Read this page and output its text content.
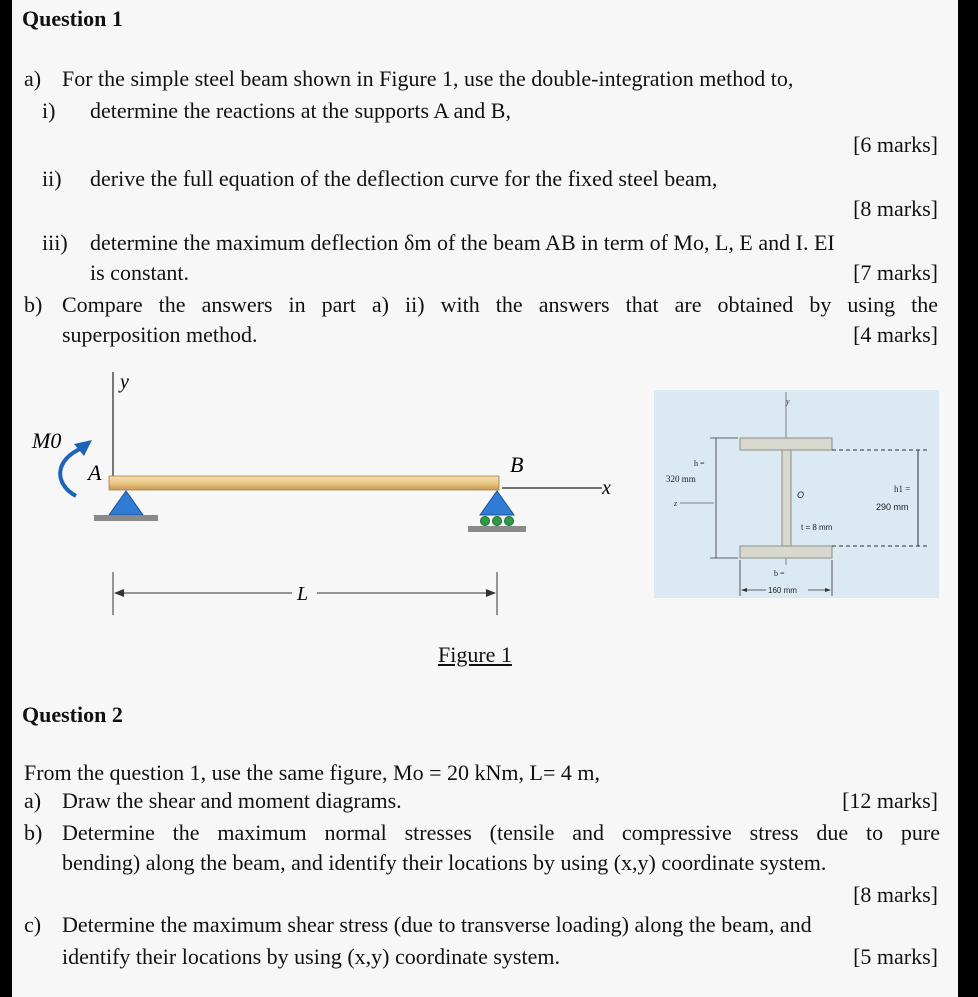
Question 1
a) For the simple steel beam shown in Figure 1, use the double-integration method to,
i) determine the reactions at the supports A and B,
[6 marks]
ii) derive the full equation of the deflection curve for the fixed steel beam,
[8 marks]
iii) determine the maximum deflection δm of the beam AB in term of Mo, L, E and I. EI
is constant.	[7 marks]
b) Compare the answers in part a) ii) with the answers that are obtained by using the
superposition method.	[4 marks]
y
x
M0
A	B
L
y
h =
320 mm
z
O
h1 =
290 mm
t = 8 mm
b =
160 mm
Figure 1
Question 2
From the question 1, use the same figure, Mo = 20 kNm, L= 4 m,
a) Draw the shear and moment diagrams.	[12 marks]
b) Determine the maximum normal stresses (tensile and compressive stress due to pure
bending) along the beam, and identify their locations by using (x,y) coordinate system.
[8 marks]
c) Determine the maximum shear stress (due to transverse loading) along the beam, and
identify their locations by using (x,y) coordinate system.	[5 marks]
